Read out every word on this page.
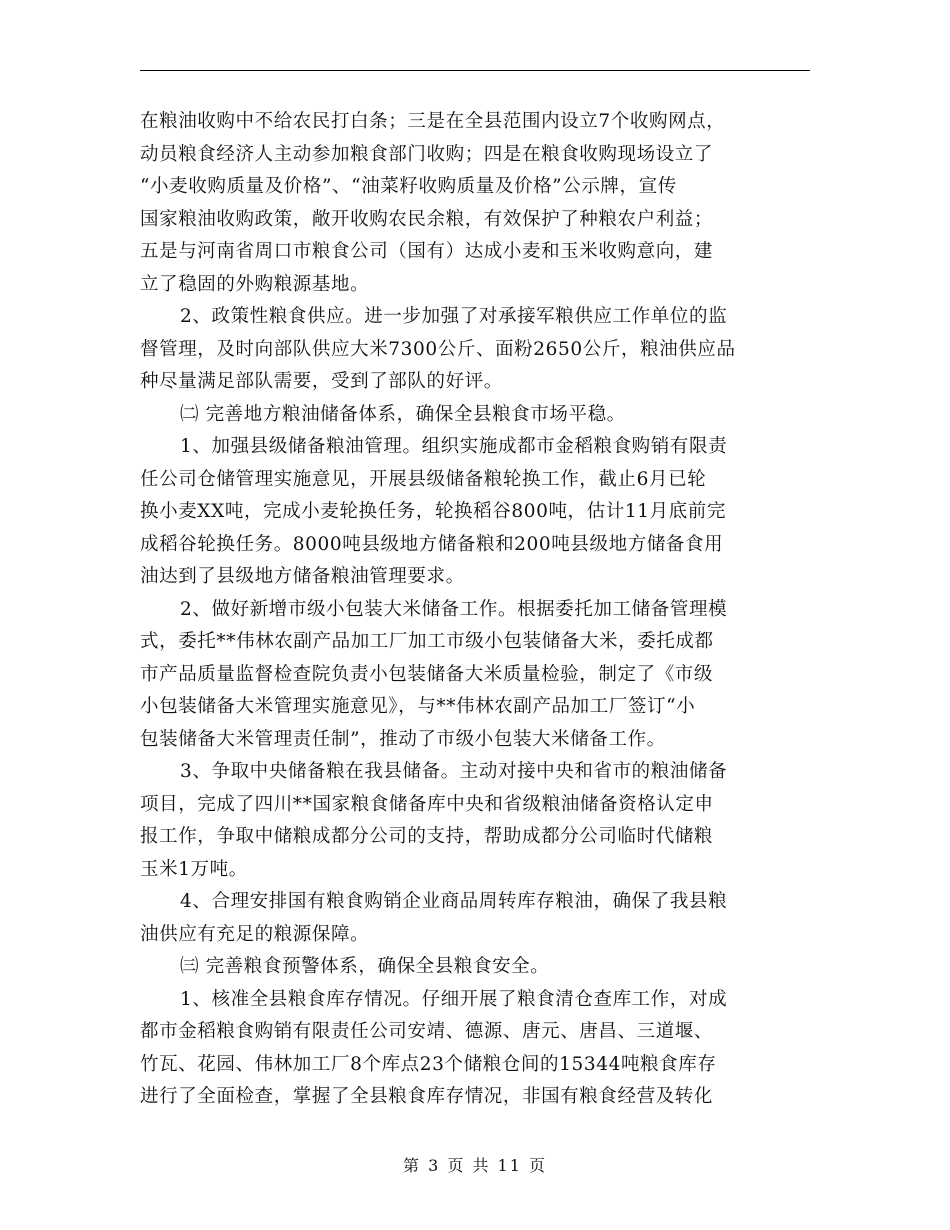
在粮油收购中不给农民打白条；三是在全县范围内设立7个收购网点，
动员粮食经济人主动参加粮食部门收购；四是在粮食收购现场设立了
“小麦收购质量及价格”、“油菜籽收购质量及价格”公示牌，宣传
国家粮油收购政策，敞开收购农民余粮，有效保护了种粮农户利益；
五是与河南省周口市粮食公司（国有）达成小麦和玉米收购意向，建
立了稳固的外购粮源基地。
2、政策性粮食供应。进一步加强了对承接军粮供应工作单位的监
督管理，及时向部队供应大米7300公斤、面粉2650公斤，粮油供应品
种尽量满足部队需要，受到了部队的好评。
㈡ 完善地方粮油储备体系，确保全县粮食市场平稳。
1、加强县级储备粮油管理。组织实施成都市金稻粮食购销有限责
任公司仓储管理实施意见，开展县级储备粮轮换工作，截止6月已轮
换小麦XX吨，完成小麦轮换任务，轮换稻谷800吨，估计11月底前完
成稻谷轮换任务。8000吨县级地方储备粮和200吨县级地方储备食用
油达到了县级地方储备粮油管理要求。
2、做好新增市级小包装大米储备工作。根据委托加工储备管理模
式，委托**伟林农副产品加工厂加工市级小包装储备大米，委托成都
市产品质量监督检查院负责小包装储备大米质量检验，制定了《市级
小包装储备大米管理实施意见》，与**伟林农副产品加工厂签订“小
包装储备大米管理责任制”，推动了市级小包装大米储备工作。
3、争取中央储备粮在我县储备。主动对接中央和省市的粮油储备
项目，完成了四川**国家粮食储备库中央和省级粮油储备资格认定申
报工作，争取中储粮成都分公司的支持，帮助成都分公司临时代储粮
玉米1万吨。
4、合理安排国有粮食购销企业商品周转库存粮油，确保了我县粮
油供应有充足的粮源保障。
㈢ 完善粮食预警体系，确保全县粮食安全。
1、核准全县粮食库存情况。仔细开展了粮食清仓查库工作，对成
都市金稻粮食购销有限责任公司安靖、德源、唐元、唐昌、三道堰、
竹瓦、花园、伟林加工厂8个库点23个储粮仓间的15344吨粮食库存
进行了全面检查，掌握了全县粮食库存情况，非国有粮食经营及转化
第 3 页 共 11 页
